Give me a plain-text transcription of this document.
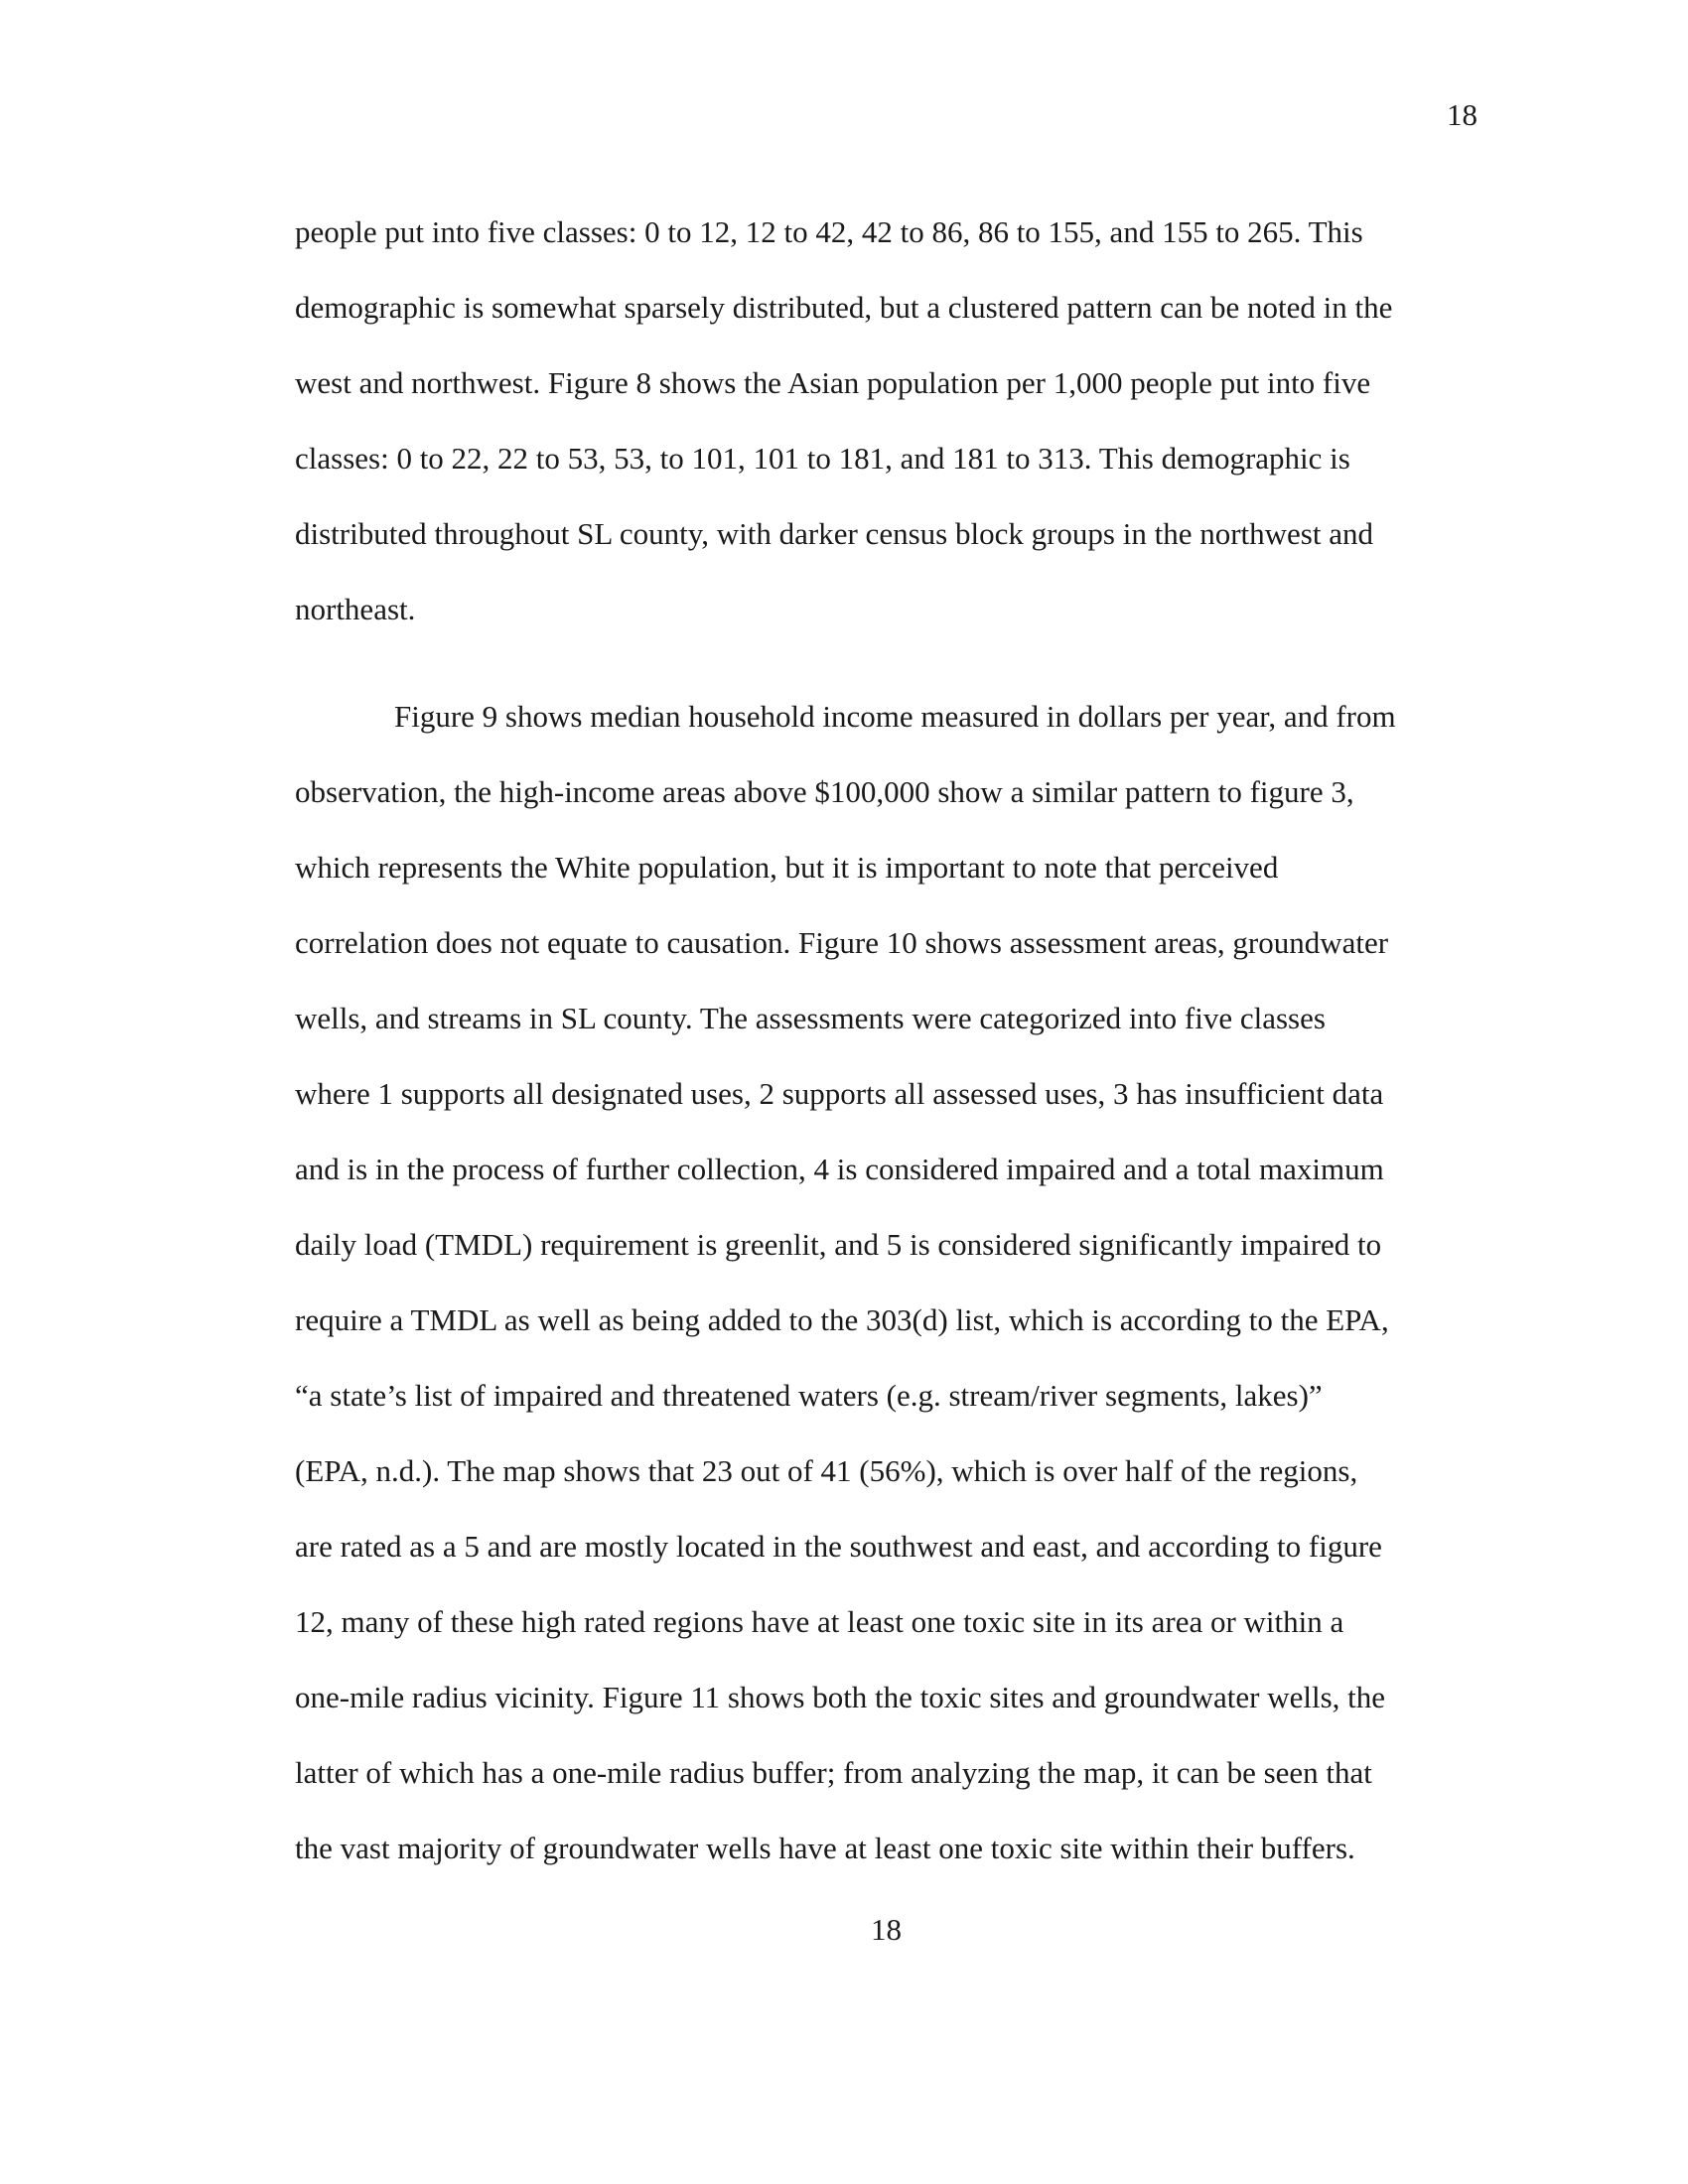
18

people put into five classes: 0 to 12, 12 to 42, 42 to 86, 86 to 155, and 155 to 265. This

demographic is somewhat sparsely distributed, but a clustered pattern can be noted in the

west and northwest. Figure 8 shows the Asian population per 1,000 people put into five

classes: 0 to 22, 22 to 53, 53, to 101, 101 to 181, and 181 to 313. This demographic is

distributed throughout SL county, with darker census block groups in the northwest and

northeast.

Figure 9 shows median household income measured in dollars per year, and from

observation, the high-income areas above $100,000 show a similar pattern to figure 3,

which represents the White population, but it is important to note that perceived

correlation does not equate to causation. Figure 10 shows assessment areas, groundwater

wells, and streams in SL county. The assessments were categorized into five classes

where 1 supports all designated uses, 2 supports all assessed uses, 3 has insufficient data

and is in the process of further collection, 4 is considered impaired and a total maximum

daily load (TMDL) requirement is greenlit, and 5 is considered significantly impaired to

require a TMDL as well as being added to the 303(d) list, which is according to the EPA,

“a state’s list of impaired and threatened waters (e.g. stream/river segments, lakes)”

(EPA, n.d.). The map shows that 23 out of 41 (56%), which is over half of the regions,

are rated as a 5 and are mostly located in the southwest and east, and according to figure

12, many of these high rated regions have at least one toxic site in its area or within a

one-mile radius vicinity. Figure 11 shows both the toxic sites and groundwater wells, the

latter of which has a one-mile radius buffer; from analyzing the map, it can be seen that

the vast majority of groundwater wells have at least one toxic site within their buffers.

18
